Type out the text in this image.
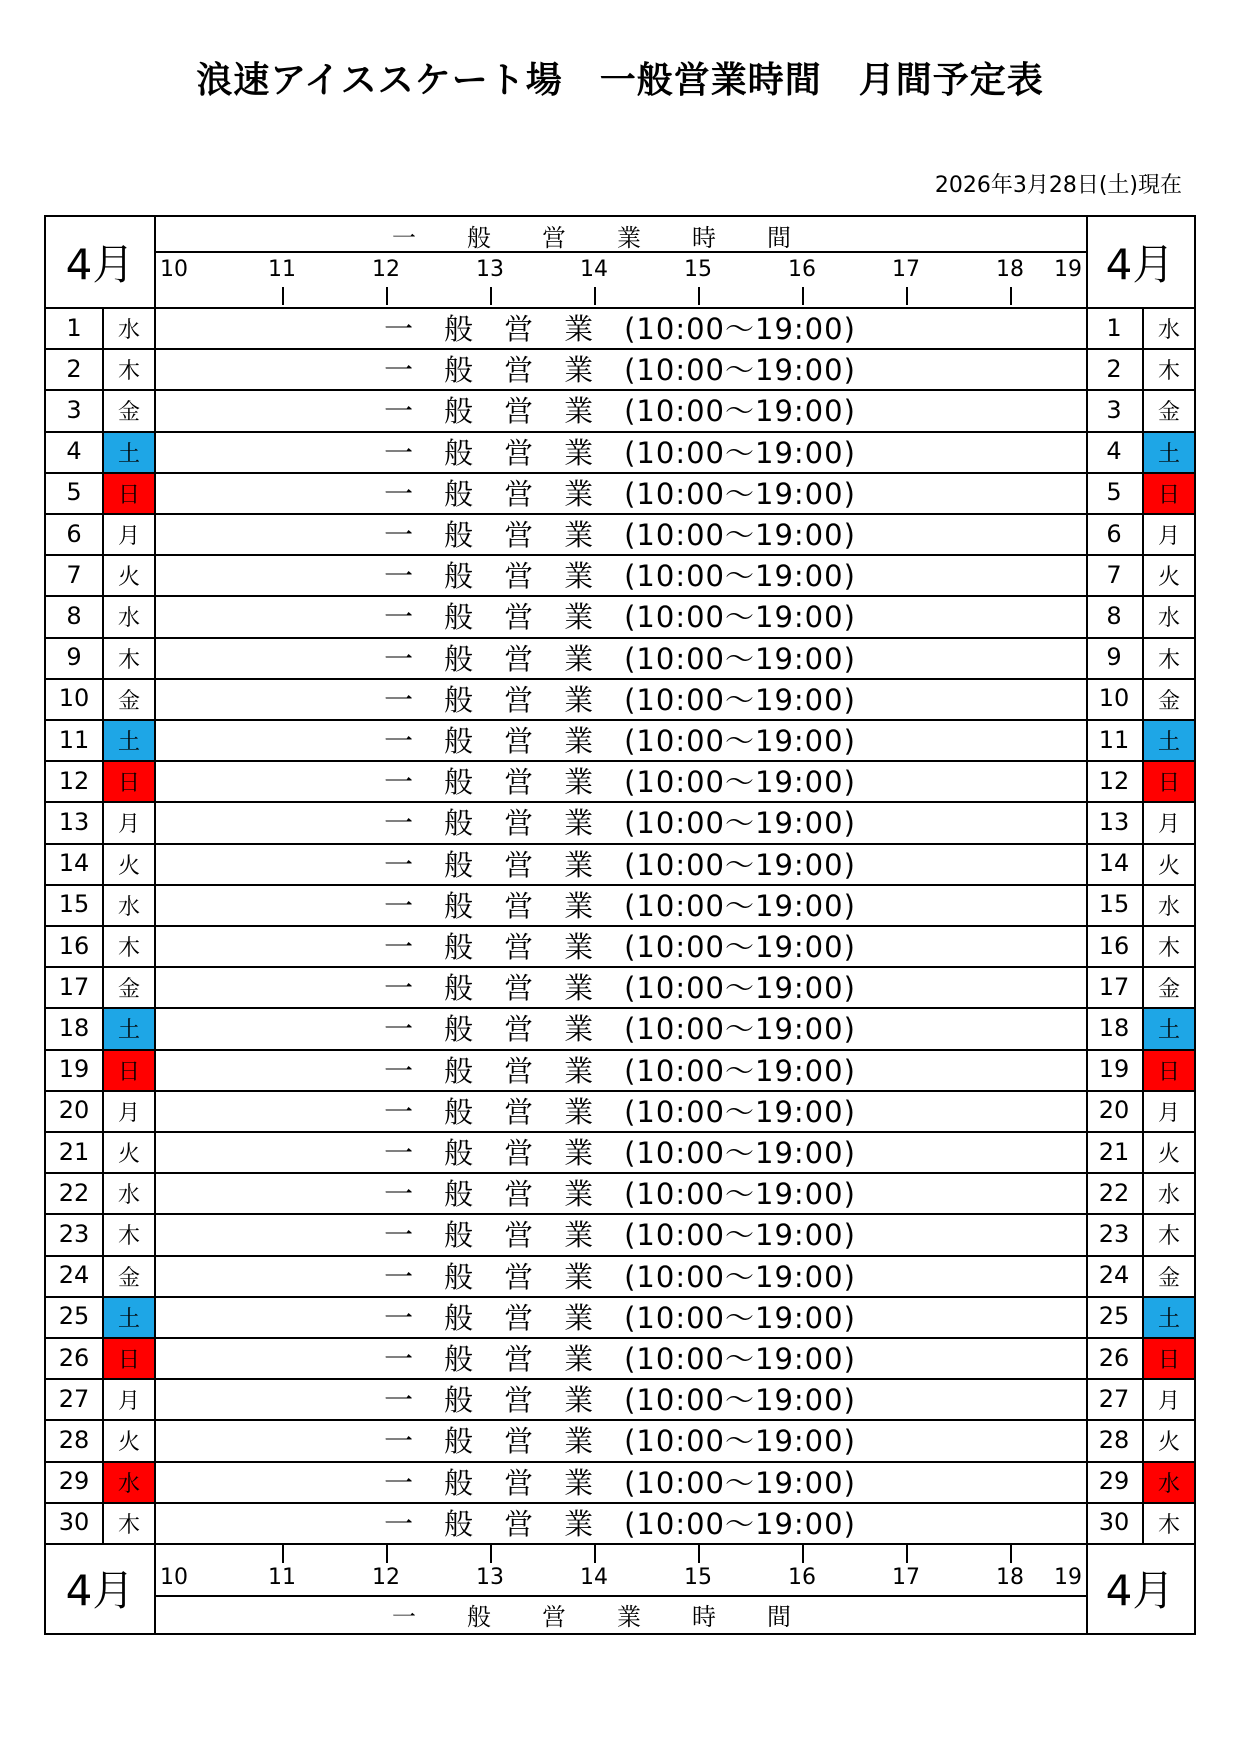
浪速アイススケート場　一般営業時間　月間予定表
2026年3月28日(土)現在
4月	4月
一	般	営	業	時	間
10	11	12	13	14	15	16	17	18 19
1	水	一　般　営　業　(10:00～19:00)	1	水
2	木	一　般　営　業　(10:00～19:00)	2	木
3	金	一　般　営　業　(10:00～19:00)	3	金
4	土	一　般　営　業　(10:00～19:00)	4	土
5	日	一　般　営　業　(10:00～19:00)	5	日
6	月	一　般　営　業　(10:00～19:00)	6	月
7	火	一　般　営　業　(10:00～19:00)	7	火
8	水	一　般　営　業　(10:00～19:00)	8	水
9	木	一　般　営　業　(10:00～19:00)	9	木
10	金	一　般　営　業　(10:00～19:00)	10	金
11	土	一　般　営　業　(10:00～19:00)	11	土
12	日	一　般　営　業　(10:00～19:00)	12	日
13	月	一　般　営　業　(10:00～19:00)	13	月
14	火	一　般　営　業　(10:00～19:00)	14	火
15	水	一　般　営　業　(10:00～19:00)	15	水
16	木	一　般　営　業　(10:00～19:00)	16	木
17	金	一　般　営　業　(10:00～19:00)	17	金
18	土	一　般　営　業　(10:00～19:00)	18	土
19	日	一　般　営　業　(10:00～19:00)	19	日
20	月	一　般　営　業　(10:00～19:00)	20	月
21	火	一　般　営　業　(10:00～19:00)	21	火
22	水	一　般　営　業　(10:00～19:00)	22	水
23	木	一　般　営　業　(10:00～19:00)	23	木
24	金	一　般　営　業　(10:00～19:00)	24	金
25	土	一　般　営　業　(10:00～19:00)	25	土
26	日	一　般　営　業　(10:00～19:00)	26	日
27	月	一　般　営　業　(10:00～19:00)	27	月
28	火	一　般　営　業　(10:00～19:00)	28	火
29	水	一　般　営　業　(10:00～19:00)	29	水
30	木	一　般　営　業　(10:00～19:00)	30	木
4月	4月
10	11	12	13	14	15	16	17	18 19
一	般	営	業	時	間
